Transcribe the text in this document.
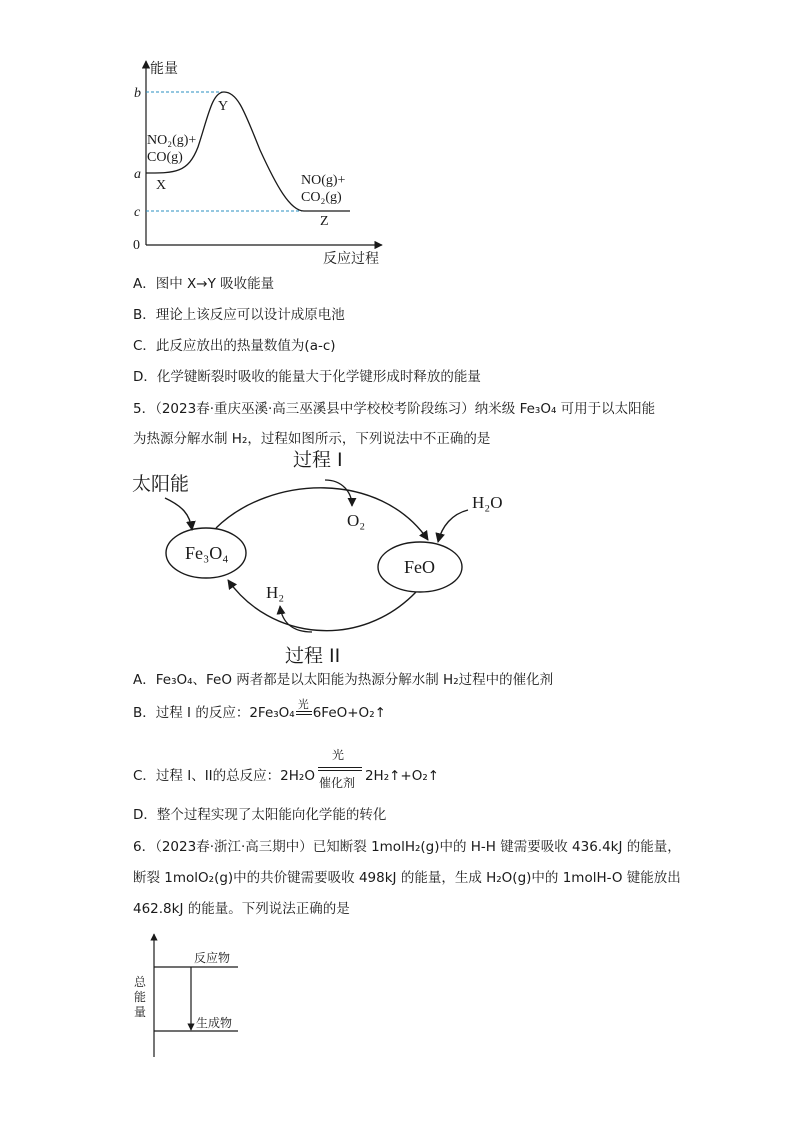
能量
反应过程
b
a
c
0
Y
X
Z
NO₂(g)+
CO(g)
NO(g)+
CO₂(g)
A．图中 X→Y 吸收能量
B．理论上该反应可以设计成原电池
C．此反应放出的热量数值为(a-c)
D．化学键断裂时吸收的能量大于化学键形成时释放的能量
5．（2023春·重庆巫溪·高三巫溪县中学校校考阶段练习）纳米级 Fe₃O₄ 可用于以太阳能
为热源分解水制 H₂，过程如图所示，下列说法中不正确的是
过程 I
太阳能
Fe₃O₄
FeO
O₂
H₂O
H₂
过程 II
A．Fe₃O₄、FeO 两者都是以太阳能为热源分解水制 H₂过程中的催化剂
B．过程 I 的反应：2Fe₃O₄
光
6FeO+O₂↑
C．过程 I、II的总反应：$2H_2O \frac{\text{光}}{\text{催化剂}}$ 2H₂↑+O₂↑
D．整个过程实现了太阳能向化学能的转化
6．（2023春·浙江·高三期中）已知断裂 1molH₂(g)中的 H-H 键需要吸收 436.4kJ 的能量，
断裂 1molO₂(g)中的共价键需要吸收 498kJ 的能量，生成 H₂O(g)中的 1molH-O 键能放出
462.8kJ 的能量。下列说法正确的是
总
能
量
反应物
生成物
